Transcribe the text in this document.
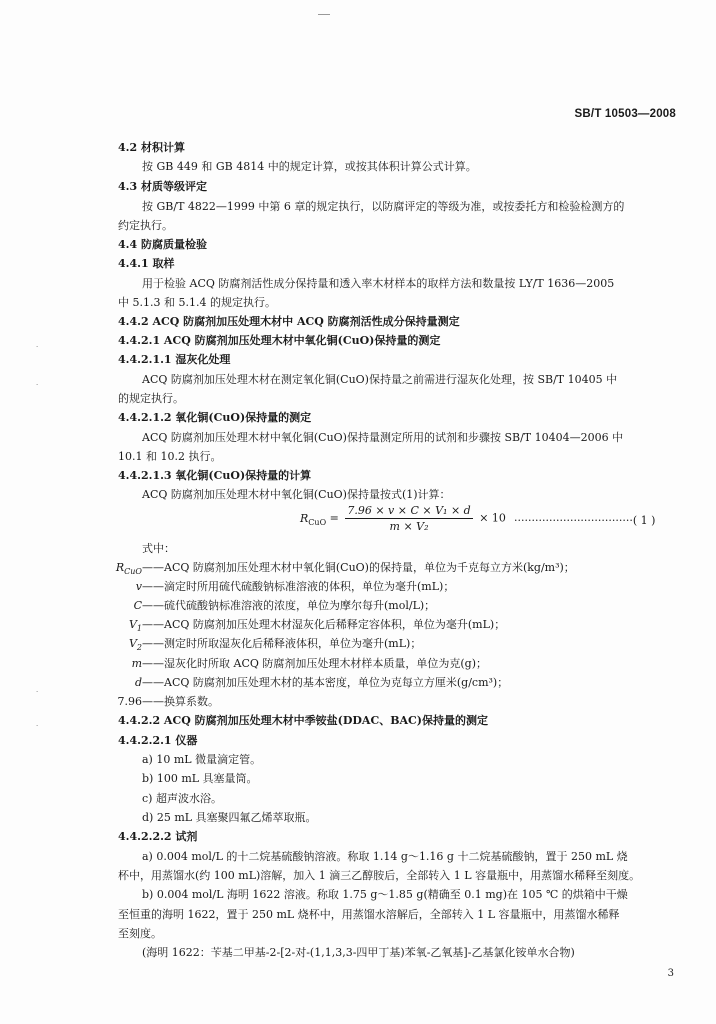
SB/T 10503—2008
4.2 材积计算
按 GB 449 和 GB 4814 中的规定计算，或按其体积计算公式计算。
4.3 材质等级评定
按 GB/T 4822—1999 中第 6 章的规定执行，以防腐评定的等级为准，或按委托方和检验检测方的
约定执行。
4.4 防腐质量检验
4.4.1 取样
用于检验 ACQ 防腐剂活性成分保持量和透入率木材样本的取样方法和数量按 LY/T 1636—2005
中 5.1.3 和 5.1.4 的规定执行。
4.4.2 ACQ 防腐剂加压处理木材中 ACQ 防腐剂活性成分保持量测定
4.4.2.1 ACQ 防腐剂加压处理木材中氧化铜(CuO)保持量的测定
4.4.2.1.1 湿灰化处理
ACQ 防腐剂加压处理木材在测定氧化铜(CuO)保持量之前需进行湿灰化处理，按 SB/T 10405 中
的规定执行。
4.4.2.1.2 氧化铜(CuO)保持量的测定
ACQ 防腐剂加压处理木材中氧化铜(CuO)保持量测定所用的试剂和步骤按 SB/T 10404—2006 中
10.1 和 10.2 执行。
4.4.2.1.3 氧化铜(CuO)保持量的计算
ACQ 防腐剂加压处理木材中氧化铜(CuO)保持量按式(1)计算：
$R_{CuO} = \frac{\text{7.96 × v × C × V₁ × d}}{\text{m × V₂}} \times 10$ ··································( 1 )
式中：
$R_{CuO}——ACQ$ 防腐剂加压处理木材中氧化铜(CuO)的保持量，单位为千克每立方米(kg/m³)；
v——滴定时所用硫代硫酸钠标准溶液的体积，单位为毫升(mL)；
C——硫代硫酸钠标准溶液的浓度，单位为摩尔每升(mol/L)；
$V_1——ACQ$ 防腐剂加压处理木材湿灰化后稀释定容体积，单位为毫升(mL)；
$V_2——$测定时所取湿灰化后稀释液体积，单位为毫升(mL)；
m——湿灰化时所取 ACQ 防腐剂加压处理木材样本质量，单位为克(g)；
d——ACQ 防腐剂加压处理木材的基本密度，单位为克每立方厘米(g/cm³)；
7.96——换算系数。
4.4.2.2 ACQ 防腐剂加压处理木材中季铵盐(DDAC、BAC)保持量的测定
4.4.2.2.1 仪器
a) 10 mL 微量滴定管。
b) 100 mL 具塞量筒。
c) 超声波水浴。
d) 25 mL 具塞聚四氟乙烯萃取瓶。
4.4.2.2.2 试剂
a) 0.004 mol/L 的十二烷基硫酸钠溶液。称取 1.14 g～1.16 g 十二烷基硫酸钠，置于 250 mL 烧
杯中，用蒸馏水(约 100 mL)溶解，加入 1 滴三乙醇胺后，全部转入 1 L 容量瓶中，用蒸馏水稀释至刻度。
b) 0.004 mol/L 海明 1622 溶液。称取 1.75 g～1.85 g(精确至 0.1 mg)在 105 ℃ 的烘箱中干燥
至恒重的海明 1622，置于 250 mL 烧杯中，用蒸馏水溶解后，全部转入 1 L 容量瓶中，用蒸馏水稀释
至刻度。
(海明 1622：苄基二甲基-2-[2-对-(1,1,3,3-四甲丁基)苯氧-乙氧基]-乙基氯化铵单水合物)
3
·
·
·
·
